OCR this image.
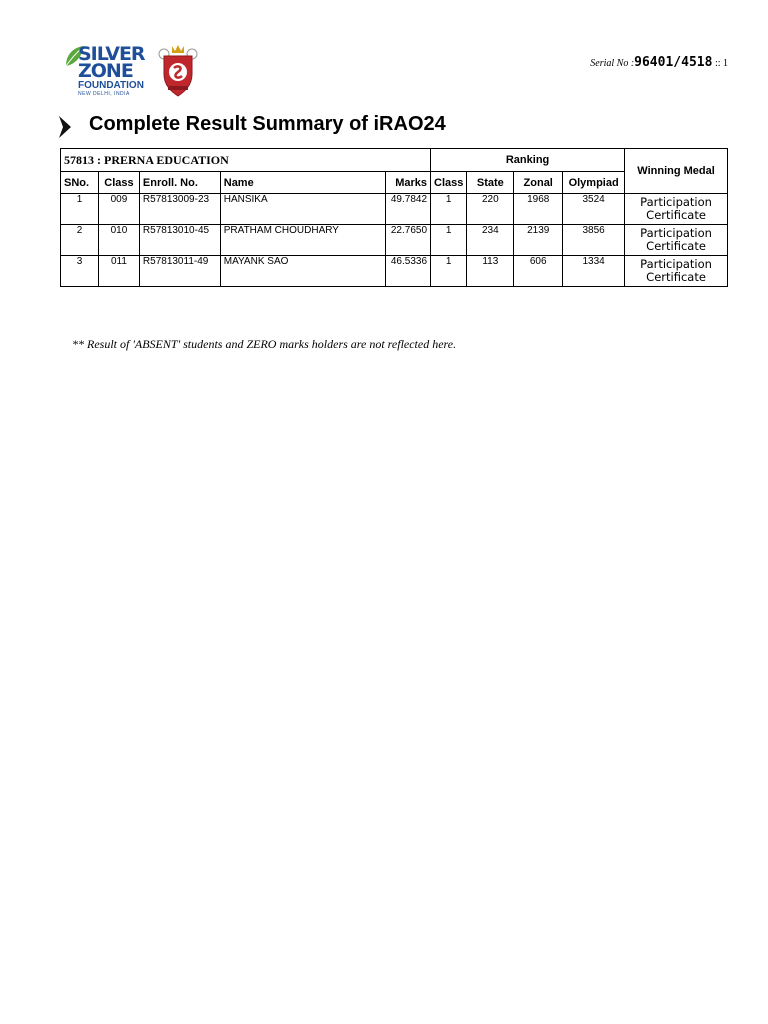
SILVER
ZONE
FOUNDATION
NEW DELHI, INDIA
Serial No :96401/4518 :: 1
Complete Result Summary of iRAO24
57813 : PRERNA EDUCATION					Ranking				Winning Medal
SNo.	Class	Enroll. No.	Name	Marks	Class	State	Zonal	Olympiad	
1	009	R57813009-23	HANSIKA	49.7842	1	220	1968	3524	Participation Certificate
2	010	R57813010-45	PRATHAM CHOUDHARY	22.7650	1	234	2139	3856	Participation Certificate
3	011	R57813011-49	MAYANK SAO	46.5336	1	113	606	1334	Participation Certificate
** Result of 'ABSENT' students and ZERO marks holders are not reflected here.
